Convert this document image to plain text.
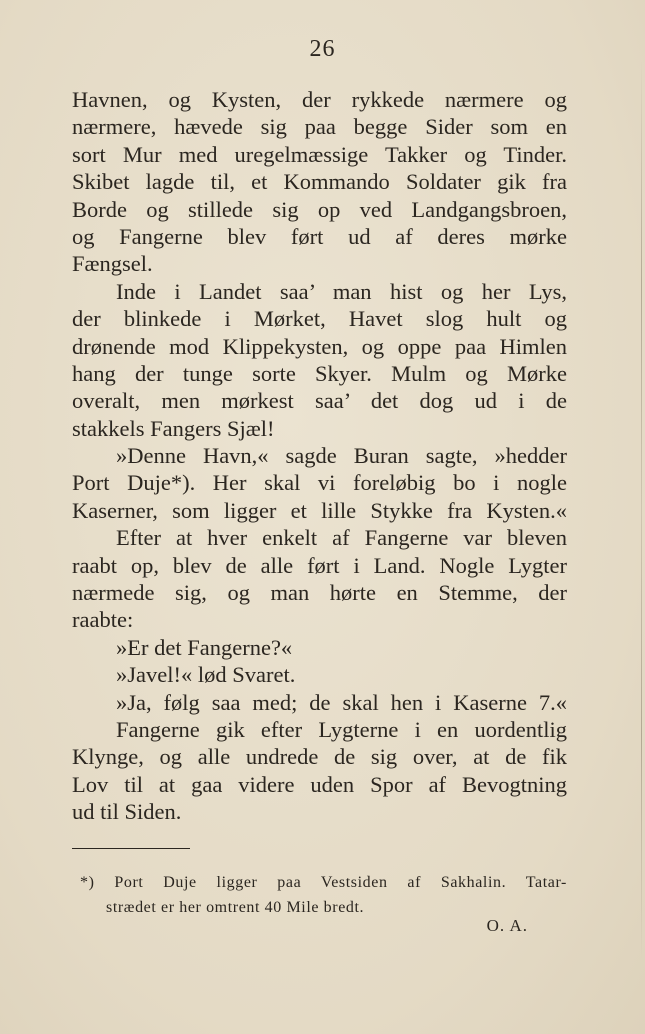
26
Havnen, og Kysten, der rykkede nærmere og
nærmere, hævede sig paa begge Sider som en
sort Mur med uregelmæssige Takker og Tinder.
Skibet lagde til, et Kommando Soldater gik fra
Borde og stillede sig op ved Landgangsbroen,
og Fangerne blev ført ud af deres mørke
Fængsel.
Inde i Landet saa’ man hist og her Lys,
der blinkede i Mørket, Havet slog hult og
drønende mod Klippekysten, og oppe paa Himlen
hang der tunge sorte Skyer. Mulm og Mørke
overalt, men mørkest saa’ det dog ud i de
stakkels Fangers Sjæl!
»Denne Havn,« sagde Buran sagte, »hedder
Port Duje*). Her skal vi foreløbig bo i nogle
Kaserner, som ligger et lille Stykke fra Kysten.«
Efter at hver enkelt af Fangerne var bleven
raabt op, blev de alle ført i Land. Nogle Lygter
nærmede sig, og man hørte en Stemme, der
raabte:
»Er det Fangerne?«
»Javel!« lød Svaret.
»Ja, følg saa med; de skal hen i Kaserne 7.«
Fangerne gik efter Lygterne i en uordentlig
Klynge, og alle undrede de sig over, at de fik
Lov til at gaa videre uden Spor af Bevogtning
ud til Siden.
*) Port Duje ligger paa Vestsiden af Sakhalin. Tatar-
strædet er her omtrent 40 Mile bredt.
O. A.
